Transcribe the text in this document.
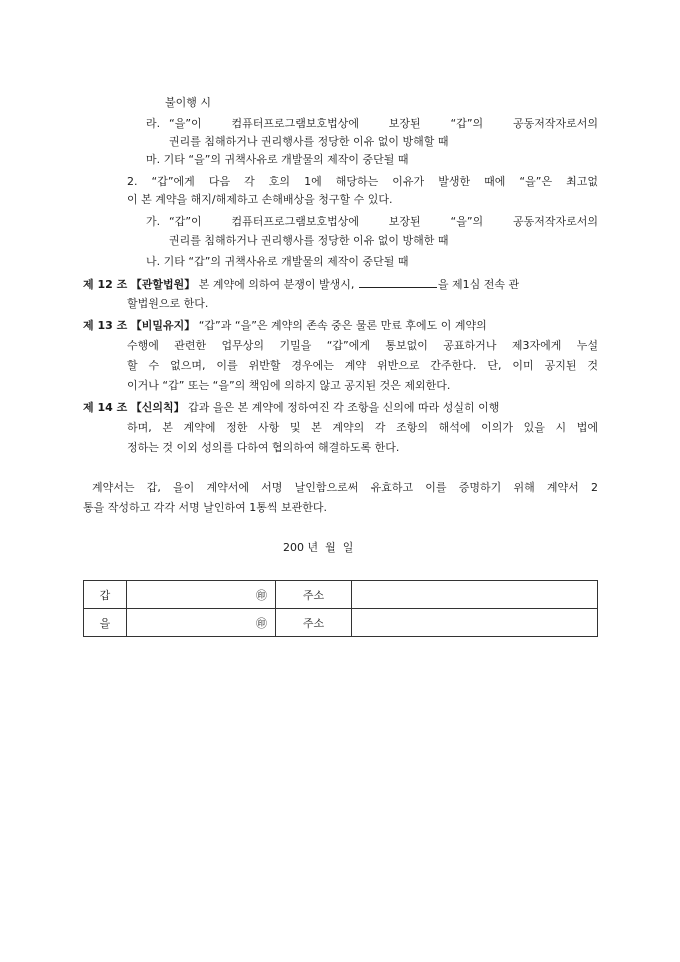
불이행 시
라. “을”이 컴퓨터프로그램보호법상에 보장된 “갑”의 공동저작자로서의
권리를 침해하거나 권리행사를 정당한 이유 없이 방해할 때
마. 기타 “을”의 귀책사유로 개발물의 제작이 중단될 때
2. “갑”에게 다음 각 호의 1에 해당하는 이유가 발생한 때에 “을”은 최고없
이 본 계약을 해지/해제하고 손해배상을 청구할 수 있다.
가. “갑”이 컴퓨터프로그램보호법상에 보장된 “을”의 공동저작자로서의
권리를 침해하거나 권리행사를 정당한 이유 없이 방해한 때
나. 기타 “갑”의 귀책사유로 개발물의 제작이 중단될 때
제 12 조 【관할법원】 본 계약에 의하여 분쟁이 발생시,	을 제1심 전속 관
할법원으로 한다.
제 13 조 【비밀유지】 “갑”과 “을”은 계약의 존속 중은 물론 만료 후에도 이 계약의
수행에 관련한 업무상의 기밀을 “갑”에게 통보없이 공표하거나 제3자에게 누설
할 수 없으며, 이를 위반할 경우에는 계약 위반으로 간주한다. 단, 이미 공지된 것
이거나 “갑” 또는 “을”의 책임에 의하지 않고 공지된 것은 제외한다.
제 14 조 【신의칙】 갑과 을은 본 계약에 정하여진 각 조항을 신의에 따라 성실히 이행
하며, 본 계약에 정한 사항 및 본 계약의 각 조항의 해석에 이의가 있을 시 법에
정하는 것 이외 성의를 다하여 협의하여 해결하도록 한다.
계약서는 갑, 을이 계약서에 서명 날인함으로써 유효하고 이를 증명하기 위해 계약서 2
통을 작성하고 각각 서명 날인하여 1통씩 보관한다.
200 년  월  일
갑	㊞	주소	
을	㊞	주소	
